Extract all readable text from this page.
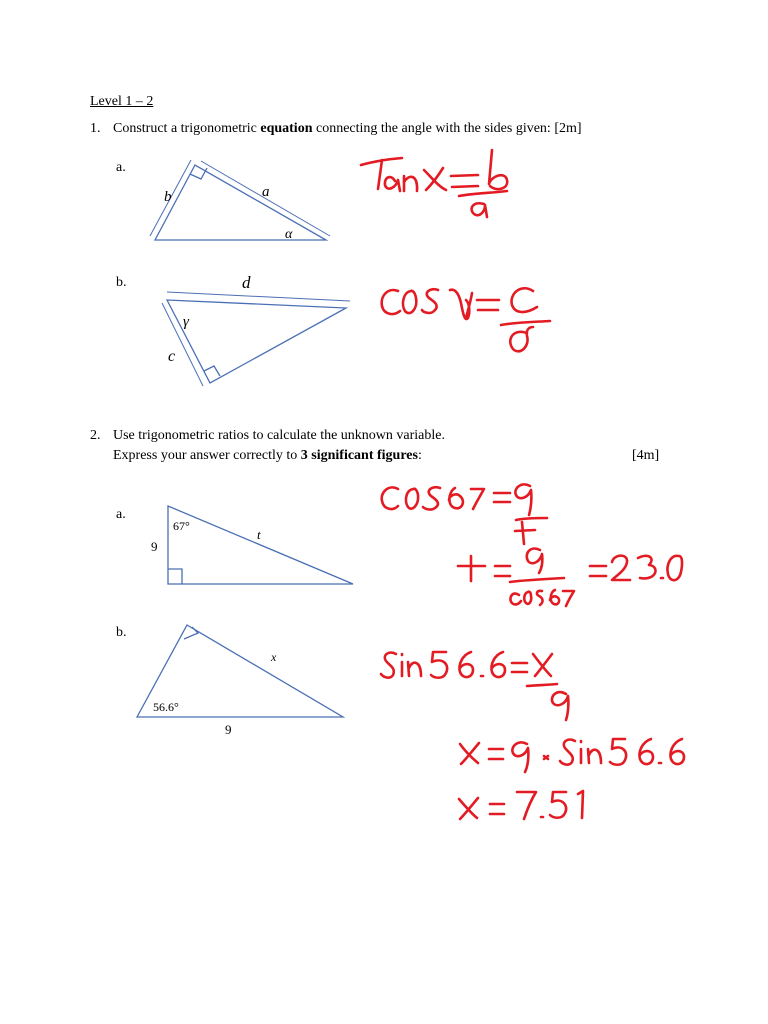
Level 1 – 2
1. Construct a trigonometric equation connecting the angle with the sides given: [2m]
a.
b.
2. Use trigonometric ratios to calculate the unknown variable.
Express your answer correctly to 3 significant figures:	[4m]
a.
b.
b	a
α
d
γ
c
67°
9
t
56.6°
x
9
